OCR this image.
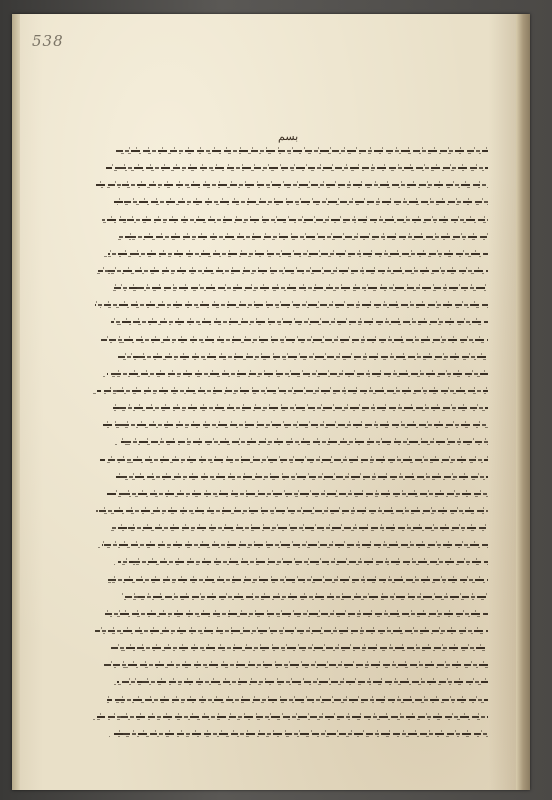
538
بسم
